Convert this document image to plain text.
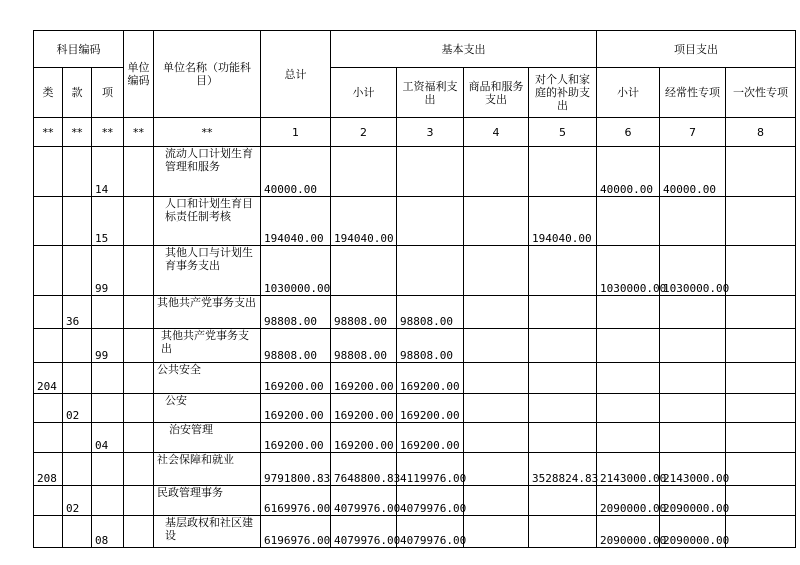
科目编码			单位编码	单位名称（功能科目）	总计	基本支出				项目支出		
类	款	项				小计	工资福利支出	商品和服务支出	对个人和家庭的补助支出	小计	经常性专项	一次性专项
**	**	**	**	**	1	2	3	4	5	6	7	8
		14		流动人口计划生育管理和服务	40000.00					40000.00	40000.00	
		15		人口和计划生育目标责任制考核	194040.00	194040.00			194040.00			
		99		其他人口与计划生育事务支出	1030000.00					1030000.00	1030000.00	
	36			其他共产党事务支出	98808.00	98808.00	98808.00					
		99		其他共产党事务支出	98808.00	98808.00	98808.00					
204				公共安全	169200.00	169200.00	169200.00					
	02			公安	169200.00	169200.00	169200.00					
		04		治安管理	169200.00	169200.00	169200.00					
208				社会保障和就业	9791800.83	7648800.83	4119976.00		3528824.83	2143000.00	2143000.00	
	02			民政管理事务	6169976.00	4079976.00	4079976.00			2090000.00	2090000.00	
		08		基层政权和社区建设	6196976.00	4079976.00	4079976.00			2090000.00	2090000.00	
